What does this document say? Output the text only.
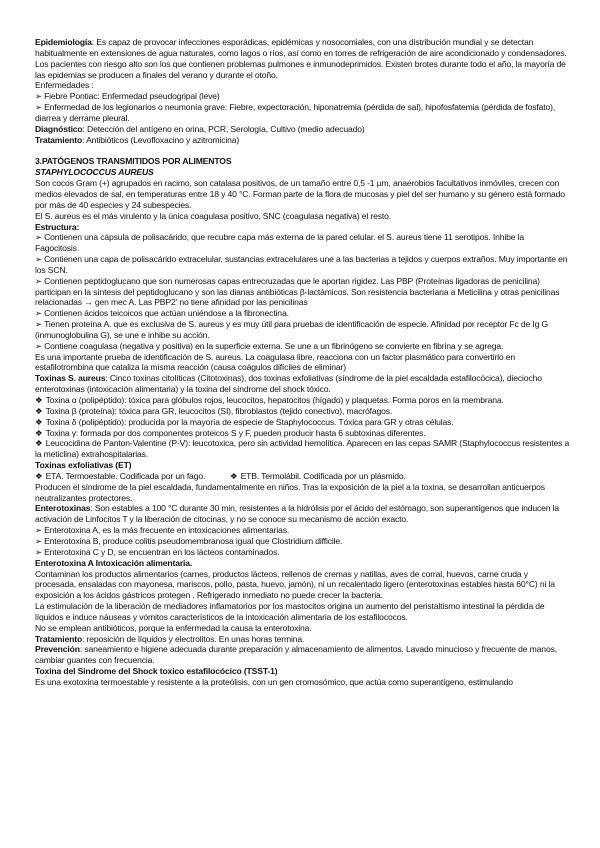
Epidemiología: Es capaz de provocar infecciones esporádicas, epidémicas y nosocomiales, con una distribución mundial y se detectan habitualmente en extensiones de agua naturales, como lagos o ríos, así como en torres de refrigeración de aire acondicionado y condensadores. Los pacientes con riesgo alto son los que contienen problemas pulmones e inmunodeprimidos. Existen brotes durante todo el año, la mayoría de las epidemias se producen a finales del verano y durante el otoño.

Enfermedades :

➢ Fiebre Pontiac: Enfermedad pseudogripal (leve)

➢ Enfermedad de los legionarios o neumonía grave: Fiebre, expectoración, hiponatremia (pérdida de sal), hipofosfatemia (pérdida de fosfato), diarrea y derrame pleural.

Diagnóstico: Detección del antígeno en orina, PCR, Serología, Cultivo (medio adecuado)

Tratamiento: Antibióticos (Levofloxacino y azitromicina)

3.PATÓGENOS TRANSMITIDOS POR ALIMENTOS

STAPHYLOCOCCUS AUREUS

Son cocos Gram (+) agrupados en racimo, son catalasa positivos, de un tamaño entre 0,5 -1 µm, anaerobios facultativos inmóviles, crecen con medios elevados de sal, en temperaturas entre 18 y 40 °C. Forman parte de la flora de mucosas y piel del ser humano y su género está formado por más de 40 especies y 24 subespecies.

El S. aureus es el más virulento y la única coagulasa positivo, SNC (coagulasa negativa) el resto.

Estructura:

➢ Contienen una cápsula de polisacárido, que recubre capa más externa de la pared celular. el S. aureus tiene 11 serotipos. Inhibe la Fagocitosis.

➢ Contienen una capa de polisacárido extracelular, sustancias extracelulares une a las bacterias a tejidos y cuerpos extraños. Muy importante en los SCN.

➢ Contienen peptidoglucano que son numerosas capas entrecruzadas que le aportan rigidez. Las PBP (Proteínas ligadoras de penicilina) participan en la síntesis del peptidoglucano y son las dianas antibióticas β-lactámicos. Son resistencia bacteriana a Meticilina y otras penicilinas relacionadas → gen mec A. Las PBP2' no tiene afinidad por las penicilinas

➢ Contienen ácidos teicoicos que actúan uniéndose a la fibronectina.

➢ Tienen proteína A. que es exclusiva de S. aureus y es muy útil para pruebas de identificación de especie. Afinidad por receptor Fc de Ig G (inmunoglobulina G), se une e inhibe su acción.

➢ Contiene coagulasa (negativa y positiva) en la superficie externa. Se une a un fibrinógeno se convierte en fibrina y se agrega.

Es una importante prueba de identificación de S. aureus. La coagulasa libre, reacciona con un factor plasmático para convertirlo en estafilotrombina que cataliza la misma reacción (causa coágulos difíciles de eliminar)

Toxinas S. aureus: Cinco toxinas citolíticas (Citotoxinas), dos toxinas exfoliativas (síndrome de la piel escaldada estafilocócica), dieciocho enterotoxinas (intoxicación alimentaria) y la toxina del síndrome del shock tóxico.

❖ Toxina α (polipéptido): tóxica para glóbulos rojos, leucocitos, hepatocitos (hígado) y plaquetas. Forma poros en la membrana.

❖ Toxina β (proteína): tóxica para GR, leucocitos (SI), fibroblastos (tejido conectivo), macrófagos.

❖ Toxina δ (polipéptido): producida por la mayoría de especie de Staphylococcus. Tóxica para GR y otras células.

❖ Toxina γ: formada por dos componentes proteicos S y F, pueden producir hasta 6 subtoxinas diferentes.

❖ Leucocidina de Panton-Valentine (P-V): leucotoxica, pero sin actividad hemolítica. Aparecen en las cepas SAMR (Staphylococcus resistentes a la meticlina) extrahospitalarias.

Toxinas exfoliativas (ET)

❖ ETA. Termoestable. Codificada por un fago.
❖	ETB. Termolábil. Codificada por un plásmido.

Producen el síndrome de la piel escaldada, fundamentalmente en niños. Tras la exposición de la piel a la toxina, se desarrollan anticuerpos neutralizantes protectores.

Enterotoxinas: Son estables a 100 °C durante 30 min, resistentes a la hidrólisis por el ácido del estómago, son superantígenos que inducen la activación de Linfocitos T y la liberación de citocinas, y no se conoce su mecanismo de acción exacto.

➢ Enterotoxina A, es la más frecuente en intoxicaciones alimentarias.

➢ Enterotoxina B, produce colitis pseudomembranosa igual que Clostridium difficile.

➢ Enterotoxina C y D, se encuentran en los lácteos contaminados.

Enterotoxina A Intoxicación alimentaria.

Contaminan los productos alimentarios (carnes, productos lácteos, rellenos de cremas y natillas, aves de corral, huevos, carne cruda y procesada, ensaladas con mayonesa, mariscos, pollo, pasta, huevo, jamón), ni un recalentado ligero (enterotoxinas estables hasta 60°C) ni la exposición a los ácidos gástricos protegen . Refrigerado inmediato no puede crecer la bacteria.

La estimulación de la liberación de mediadores inflamatorios por los mastocitos origina un aumento del peristaltismo intestinal la pérdida de líquidos e induce náuseas y vómitos característicos de la intoxicación alimentaria de los estafilococos.

No se emplean antibióticos, porque la enfermedad la causa la enterotoxina.

Tratamiento: reposición de líquidos y electrolitos. En unas horas termina.

Prevención: saneamiento e higiene adecuada durante preparación y almacenamiento de alimentos. Lavado minucioso y frecuente de manos, cambiar guantes con frecuencia.

Toxina del Sindrome del Shock toxico estafilocócico (TSST-1)

Es una exotoxina termoestable y resistente a la proteólisis, con un gen cromosómico, que actúa como superantígeno, estimulando
